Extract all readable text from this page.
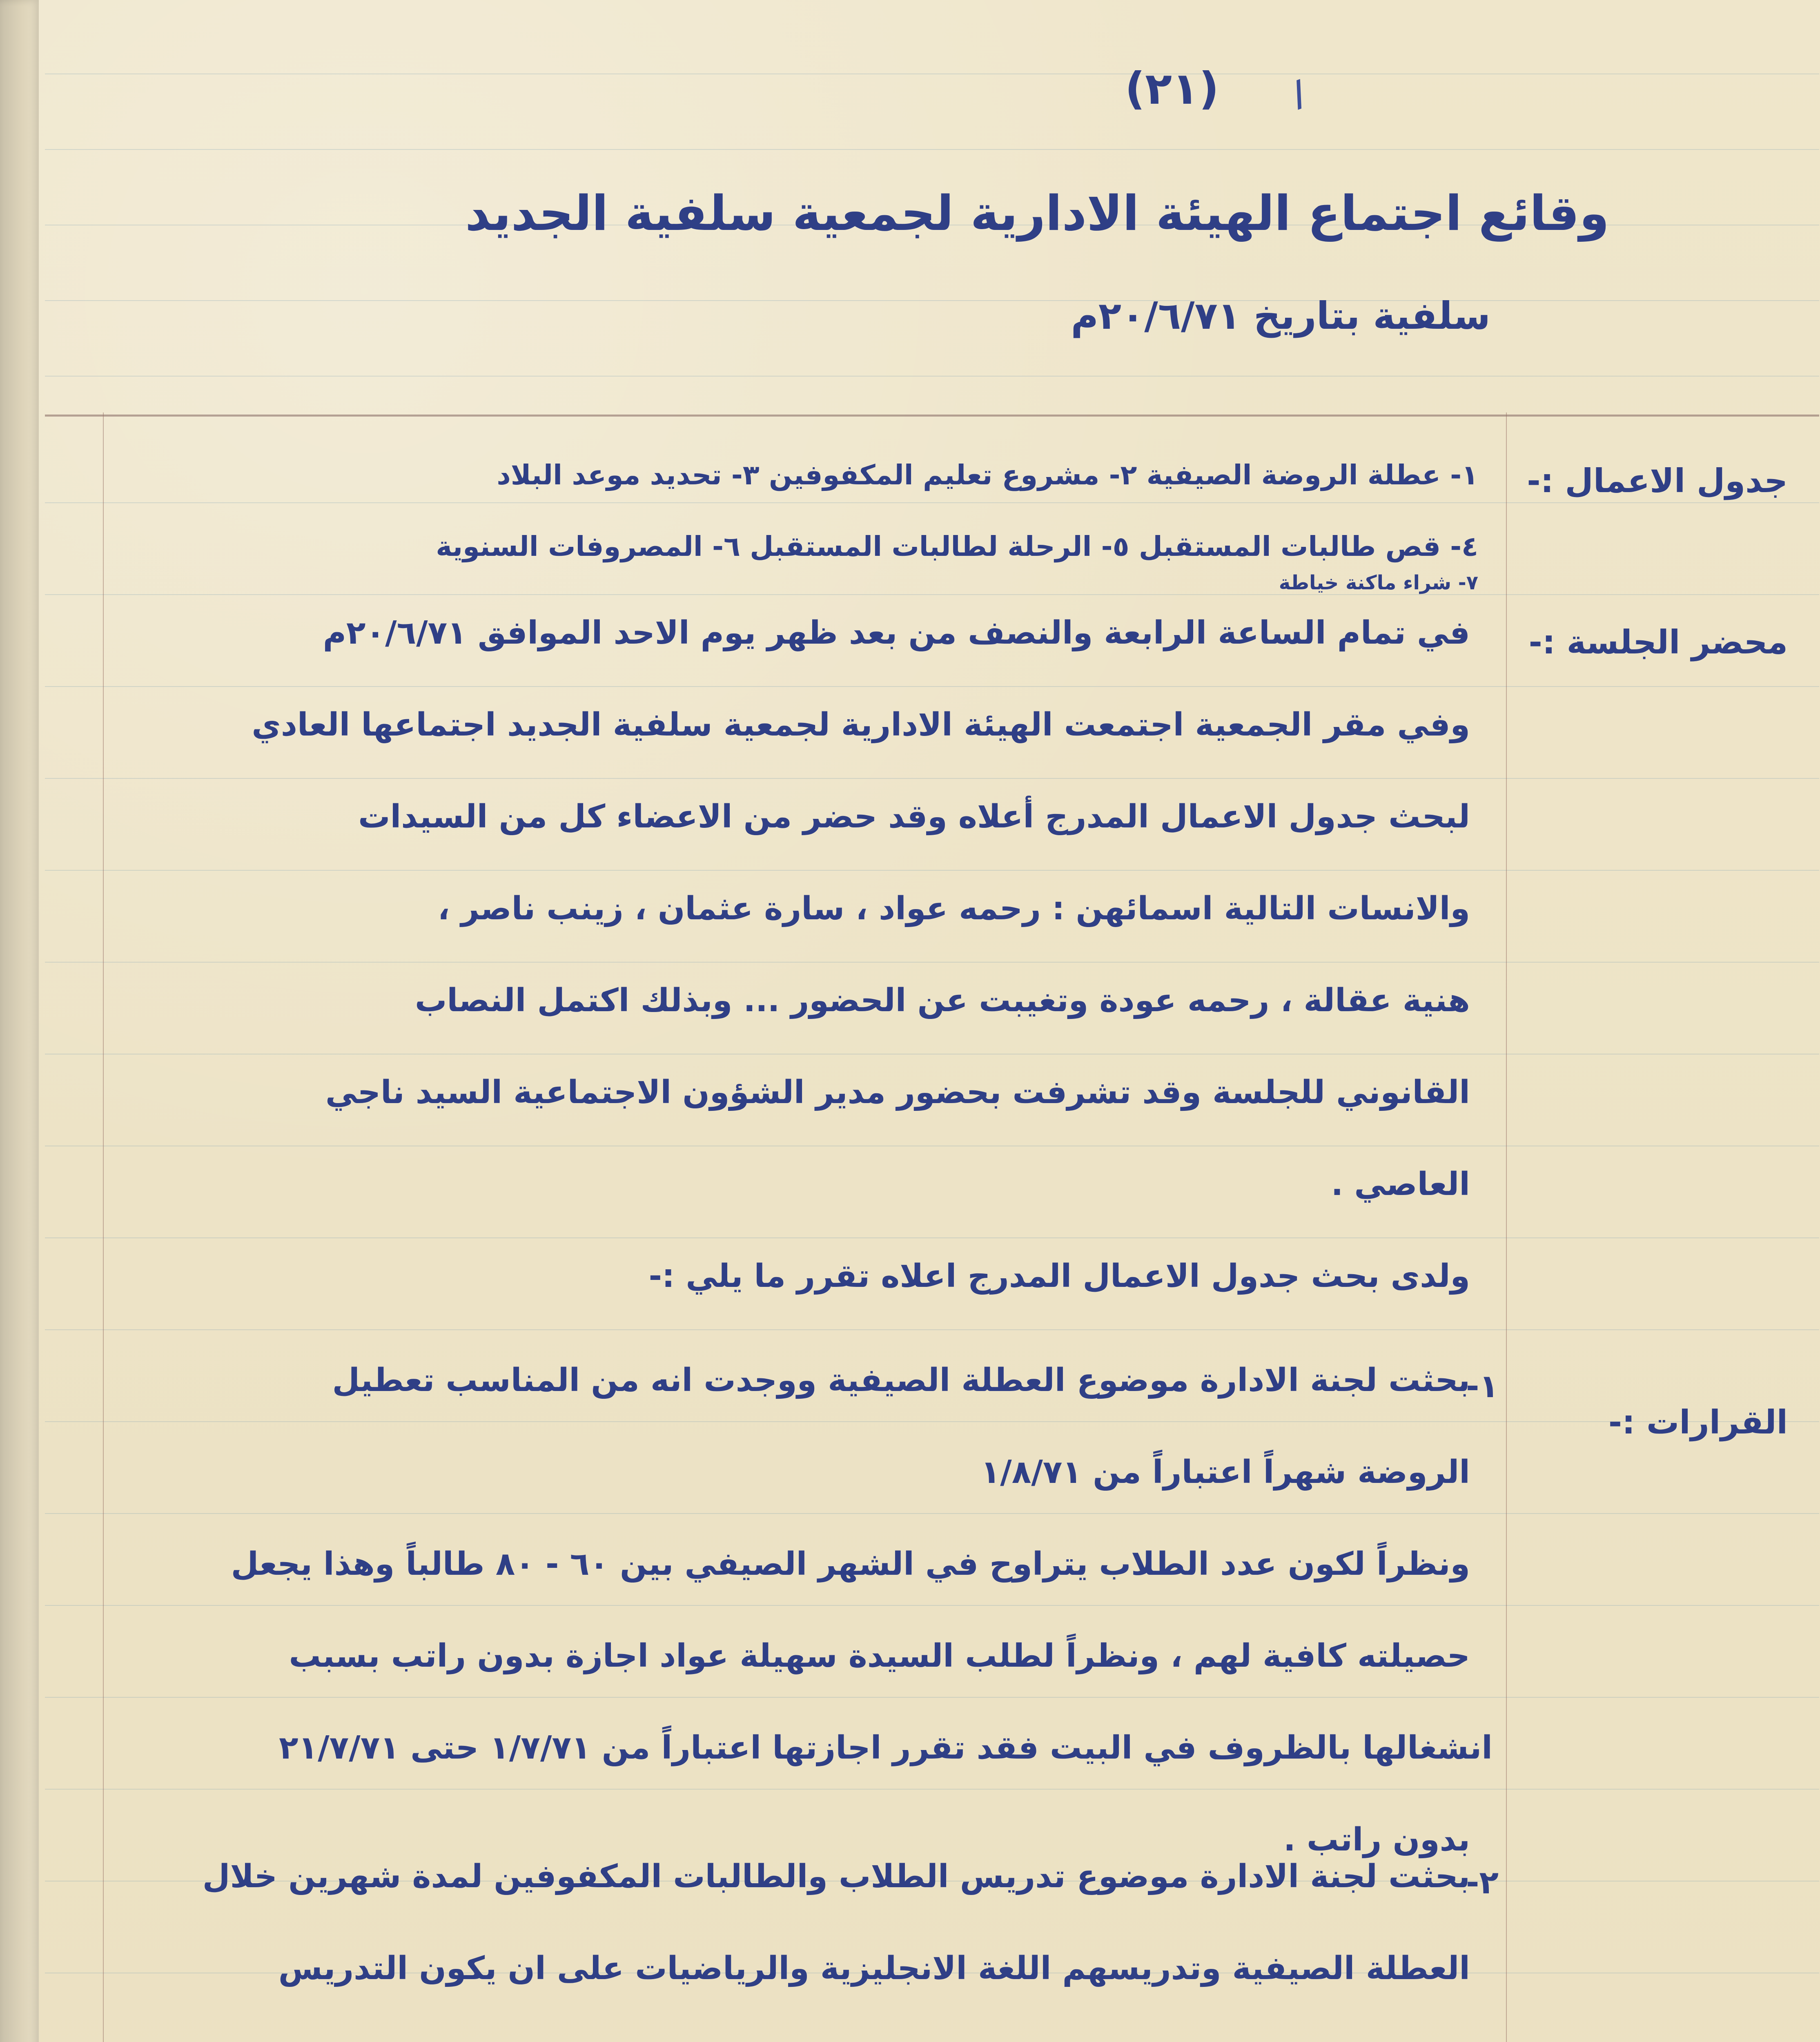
/
(٢١)
وقائع اجتماع الهيئة الادارية لجمعية سلفية الجديد
سلفية بتاريخ ٢٠/٦/٧١م
جدول الاعمال :-
١- عطلة الروضة الصيفية ٢- مشروع تعليم المكفوفين ٣- تحديد موعد البلاد
٤- قص طالبات المستقبل ٥- الرحلة لطالبات المستقبل ٦- المصروفات السنوية
٧- شراء ماكنة خياطة
محضر الجلسة :-
في تمام الساعة الرابعة والنصف من بعد ظهر يوم الاحد الموافق ٢٠/٦/٧١م
وفي مقر الجمعية اجتمعت الهيئة الادارية لجمعية سلفية الجديد اجتماعها العادي
لبحث جدول الاعمال المدرج أعلاه وقد حضر من الاعضاء كل من السيدات
والانسات التالية اسمائهن : رحمه عواد ، سارة عثمان ، زينب ناصر ،
هنية عقالة ، رحمه عودة وتغيبت عن الحضور ... وبذلك اكتمل النصاب
القانوني للجلسة وقد تشرفت بحضور مدير الشؤون الاجتماعية السيد ناجي
العاصي .
ولدى بحث جدول الاعمال المدرج اعلاه تقرر ما يلي :-
القرارات :-
١-
بحثت لجنة الادارة موضوع العطلة الصيفية ووجدت انه من المناسب تعطيل
الروضة شهراً اعتباراً من ١/٨/٧١
ونظراً لكون عدد الطلاب يتراوح في الشهر الصيفي بين ٦٠ - ٨٠ طالباً وهذا يجعل
حصيلته كافية لهم ، ونظراً لطلب السيدة سهيلة عواد اجازة بدون راتب بسبب
انشغالها بالظروف في البيت فقد تقرر اجازتها اعتباراً من ١/٧/٧١ حتى ٢١/٧/٧١
بدون راتب .
٢-
بحثت لجنة الادارة موضوع تدريس الطلاب والطالبات المكفوفين لمدة شهرين خلال
العطلة الصيفية وتدريسهم اللغة الانجليزية والرياضيات على ان يكون التدريس
